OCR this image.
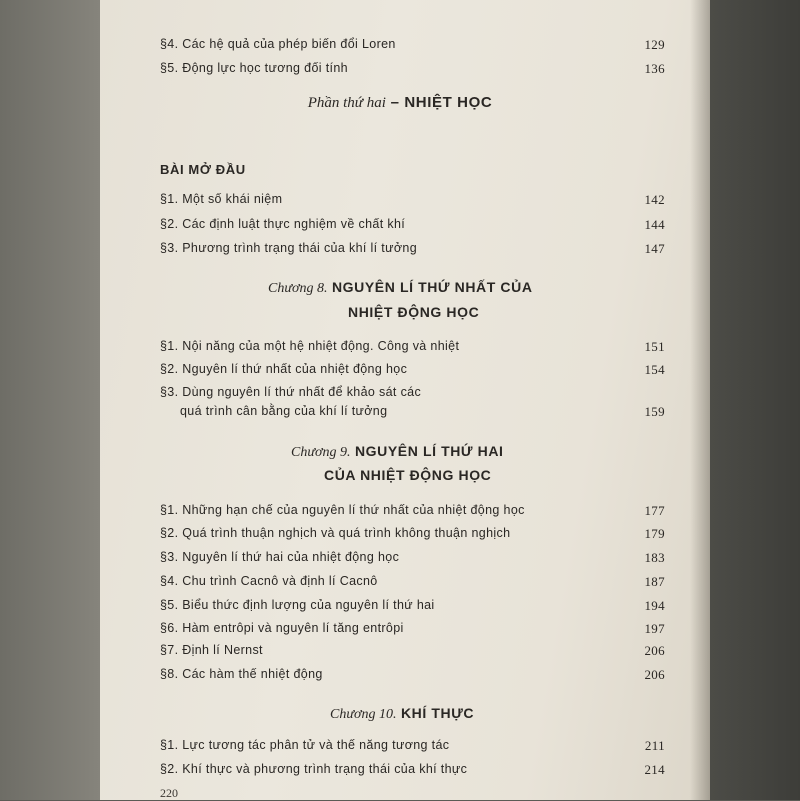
§4. Các hệ quả của phép biến đổi Loren	129
§5. Động lực học tương đối tính	136
Phần thứ hai – NHIỆT HỌC
BÀI MỞ ĐẦU
§1. Một số khái niệm	142
§2. Các định luật thực nghiệm về chất khí	144
§3. Phương trình trạng thái của khí lí tưởng	147
Chương 8. NGUYÊN LÍ THỨ NHẤT CỦA
NHIỆT ĐỘNG HỌC
§1. Nội năng của một hệ nhiệt động. Công và nhiệt	151
§2. Nguyên lí thứ nhất của nhiệt động học	154
§3. Dùng nguyên lí thứ nhất để khảo sát các
quá trình cân bằng của khí lí tưởng	159
Chương 9. NGUYÊN LÍ THỨ HAI
CỦA NHIỆT ĐỘNG HỌC
§1. Những hạn chế của nguyên lí thứ nhất của nhiệt động học	177
§2. Quá trình thuận nghịch và quá trình không thuận nghịch	179
§3. Nguyên lí thứ hai của nhiệt động học	183
§4. Chu trình Cacnô và định lí Cacnô	187
§5. Biểu thức định lượng của nguyên lí thứ hai	194
§6. Hàm entrôpi và nguyên lí tăng entrôpi	197
§7. Định lí Nernst	206
§8. Các hàm thế nhiệt động	206
Chương 10. KHÍ THỰC
§1. Lực tương tác phân tử và thế năng tương tác	211
§2. Khí thực và phương trình trạng thái của khí thực	214
220
